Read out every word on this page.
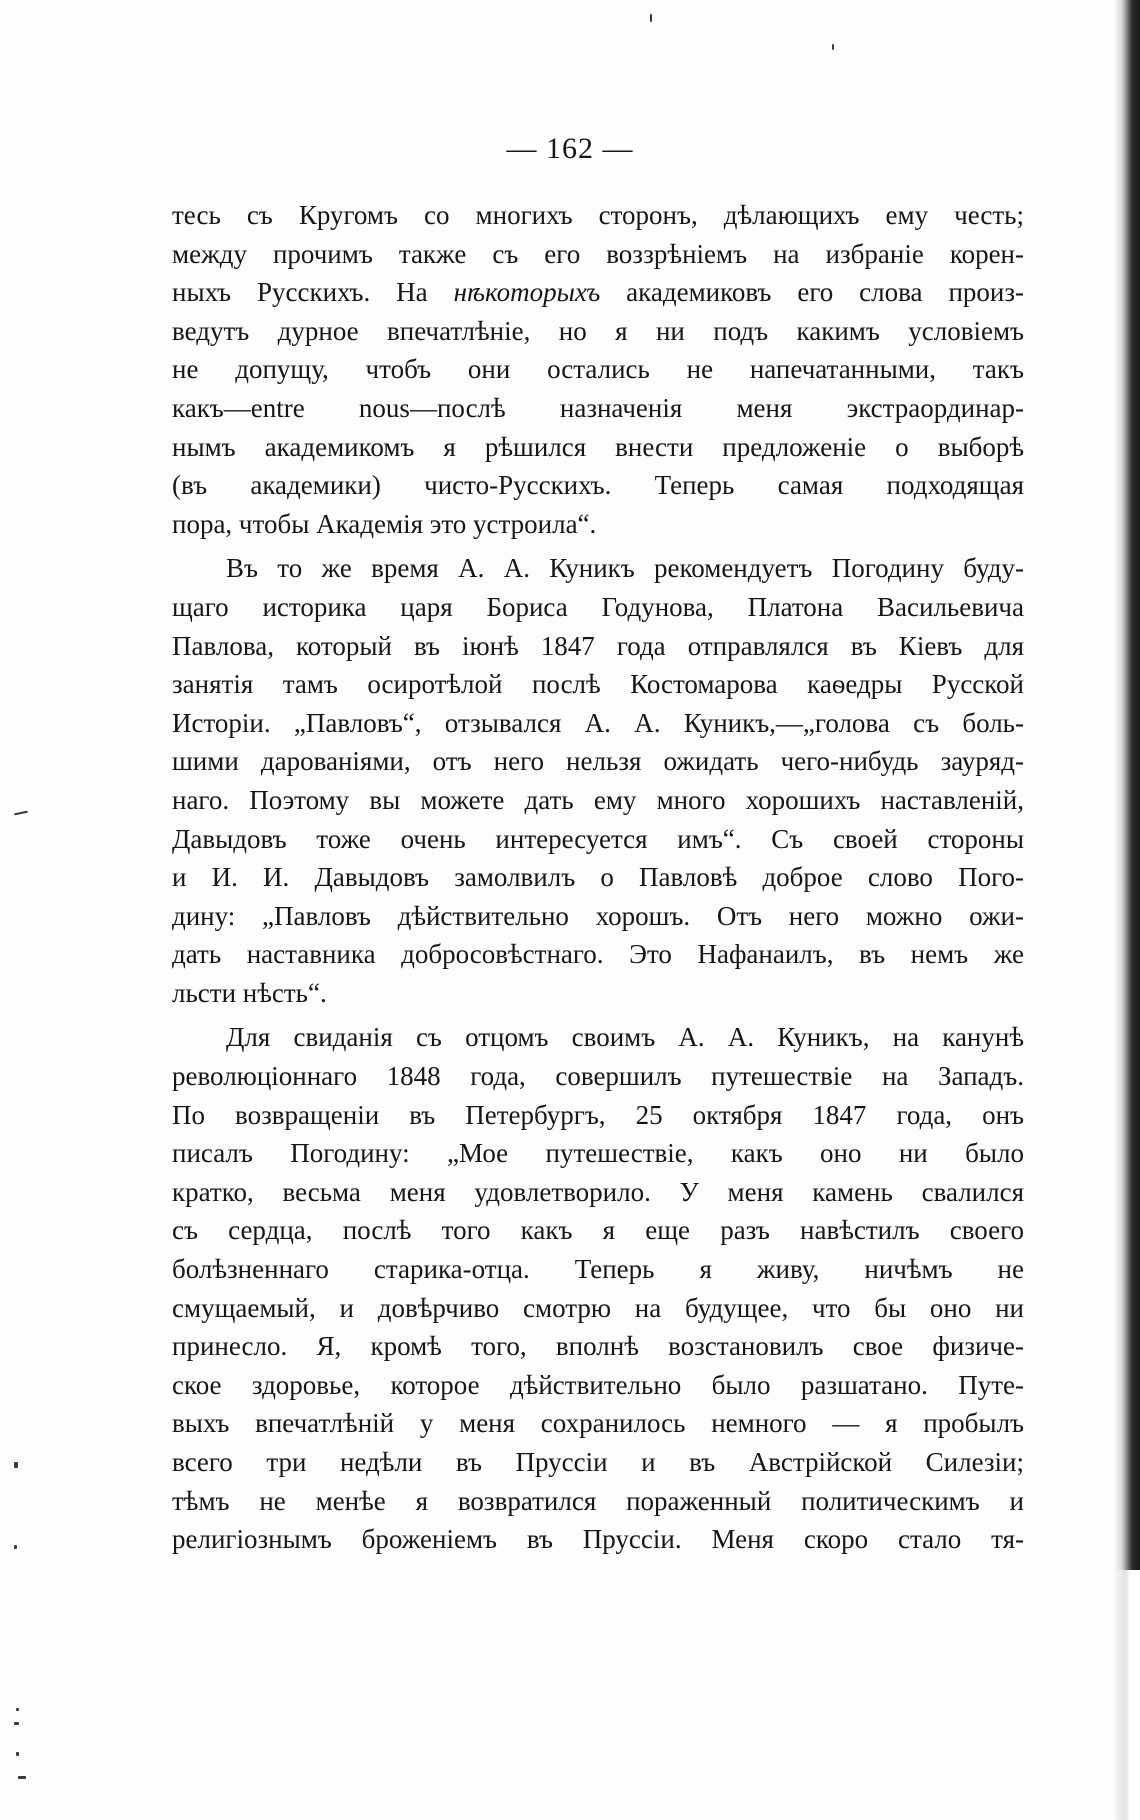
— 162 —
тесь съ Кругомъ со многихъ сторонъ, дѣлающихъ ему честь;
между прочимъ также съ его воззрѣніемъ на избраніе корен-
ныхъ Русскихъ. На нѣкоторыхъ академиковъ его слова произ-
ведутъ дурное впечатлѣніе, но я ни подъ какимъ условіемъ
не допущу, чтобъ они остались не напечатанными, такъ
какъ—entre nous—послѣ назначенія меня экстраординар-
нымъ академикомъ я рѣшился внести предложеніе о выборѣ
(въ академики) чисто-Русскихъ. Теперь самая подходящая
пора, чтобы Академія это устроила“.
Въ то же время А. А. Куникъ рекомендуетъ Погодину буду-
щаго историка царя Бориса Годунова, Платона Васильевича
Павлова, который въ іюнѣ 1847 года отправлялся въ Кіевъ для
занятія тамъ осиротѣлой послѣ Костомарова каѳедры Русской
Исторіи. „Павловъ“, отзывался А. А. Куникъ,—„голова съ боль-
шими дарованіями, отъ него нельзя ожидать чего-нибудь зауряд-
наго. Поэтому вы можете дать ему много хорошихъ наставленій,
Давыдовъ тоже очень интересуется имъ“. Съ своей стороны
и И. И. Давыдовъ замолвилъ о Павловѣ доброе слово Пого-
дину: „Павловъ дѣйствительно хорошъ. Отъ него можно ожи-
дать наставника добросовѣстнаго. Это Нафанаилъ, въ немъ же
льсти нѣсть“.
Для свиданія съ отцомъ своимъ А. А. Куникъ, на канунѣ
революціоннаго 1848 года, совершилъ путешествіе на Западъ.
По возвращеніи въ Петербургъ, 25 октября 1847 года, онъ
писалъ Погодину: „Мое путешествіе, какъ оно ни было
кратко, весьма меня удовлетворило. У меня камень свалился
съ сердца, послѣ того какъ я еще разъ навѣстилъ своего
болѣзненнаго старика-отца. Теперь я живу, ничѣмъ не
смущаемый, и довѣрчиво смотрю на будущее, что бы оно ни
принесло. Я, кромѣ того, вполнѣ возстановилъ свое физиче-
ское здоровье, которое дѣйствительно было разшатано. Путе-
выхъ впечатлѣній у меня сохранилось немного — я пробылъ
всего три недѣли въ Пруссіи и въ Австрійской Силезіи;
тѣмъ не менѣе я возвратился пораженный политическимъ и
религіознымъ броженіемъ въ Пруссіи. Меня скоро стало тя-
